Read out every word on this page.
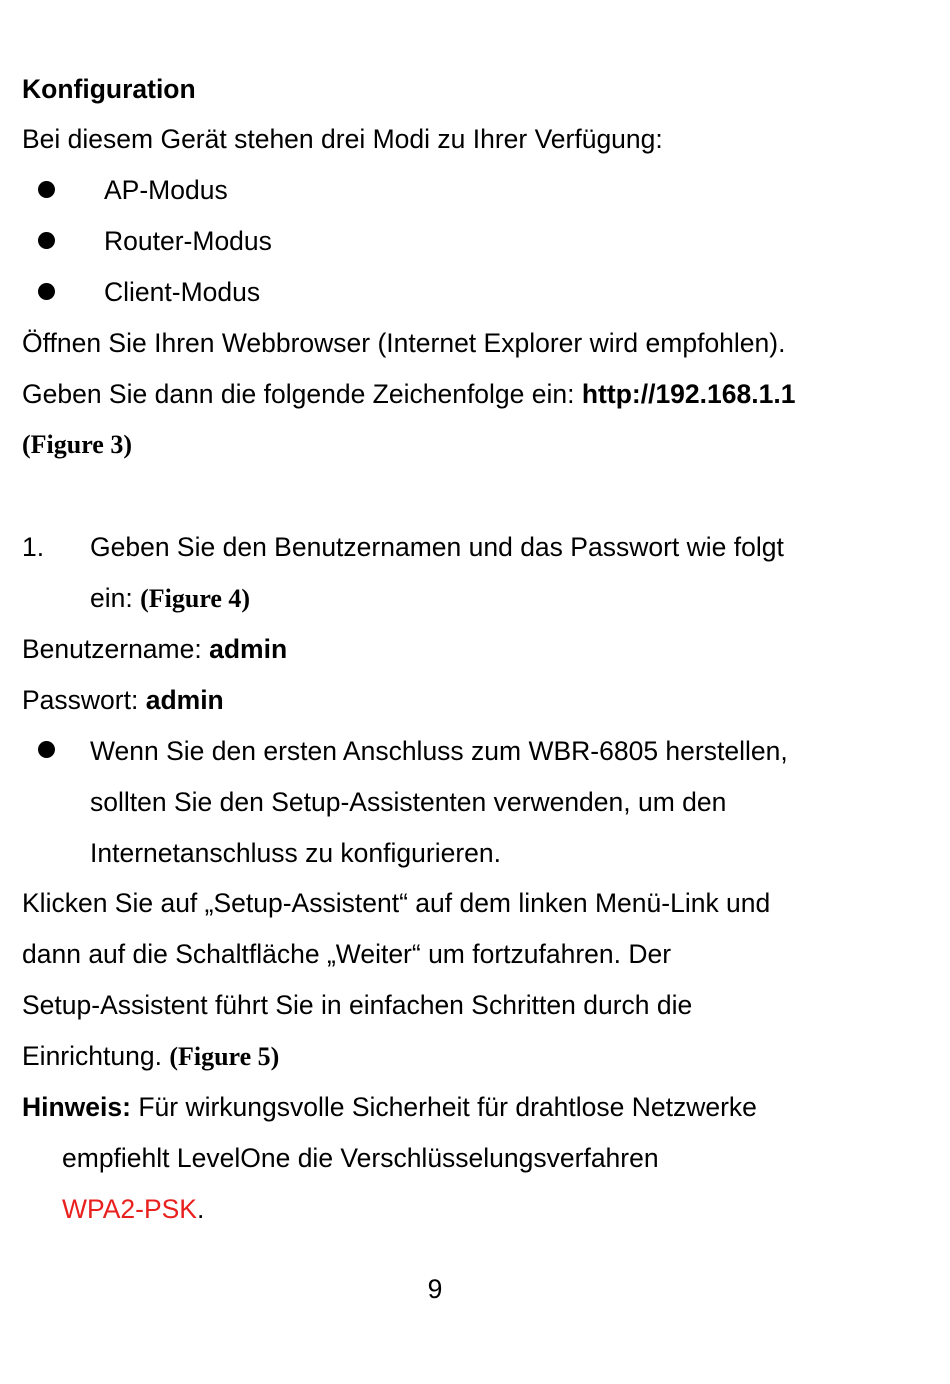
Konfiguration
Bei diesem Gerät stehen drei Modi zu Ihrer Verfügung:
AP-Modus
Router-Modus
Client-Modus
Öffnen Sie Ihren Webbrowser (Internet Explorer wird empfohlen).
Geben Sie dann die folgende Zeichenfolge ein: http://192.168.1.1
(Figure 3)
1. Geben Sie den Benutzernamen und das Passwort wie folgt
ein: (Figure 4)
Benutzername: admin
Passwort: admin
Wenn Sie den ersten Anschluss zum WBR-6805 herstellen,
sollten Sie den Setup-Assistenten verwenden, um den
Internetanschluss zu konfigurieren.
Klicken Sie auf „Setup-Assistent“ auf dem linken Menü-Link und
dann auf die Schaltfläche „Weiter“ um fortzufahren. Der
Setup-Assistent führt Sie in einfachen Schritten durch die
Einrichtung. (Figure 5)
Hinweis: Für wirkungsvolle Sicherheit für drahtlose Netzwerke
empfiehlt LevelOne die Verschlüsselungsverfahren
WPA2-PSK.
9
